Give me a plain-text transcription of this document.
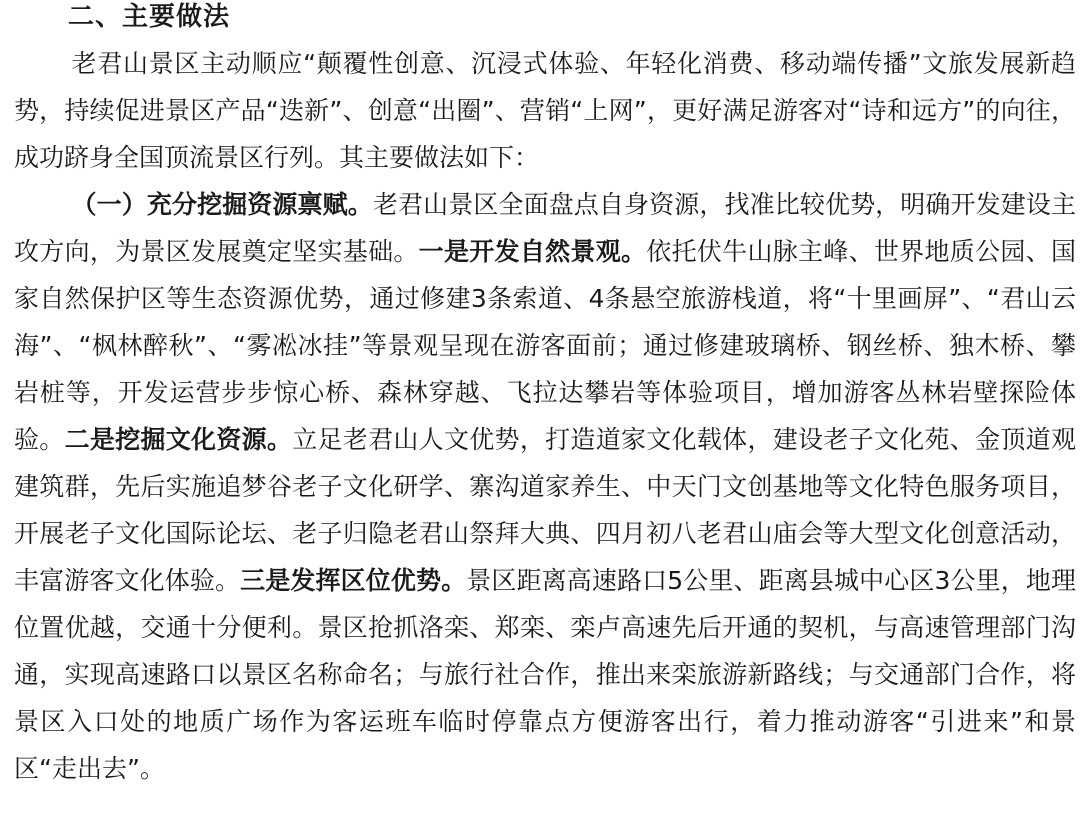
二、主要做法

老君山景区主动顺应“颠覆性创意、沉浸式体验、年轻化消费、移动端传播”文旅发展新趋势，持续促进景区产品“迭新”、创意“出圈”、营销“上网”，更好满足游客对“诗和远方”的向往，成功跻身全国顶流景区行列。其主要做法如下：

（一）充分挖掘资源禀赋。老君山景区全面盘点自身资源，找准比较优势，明确开发建设主攻方向，为景区发展奠定坚实基础。一是开发自然景观。依托伏牛山脉主峰、世界地质公园、国家自然保护区等生态资源优势，通过修建3条索道、4条悬空旅游栈道，将“十里画屏”、“君山云海”、“枫林醉秋”、“雾凇冰挂”等景观呈现在游客面前；通过修建玻璃桥、钢丝桥、独木桥、攀岩桩等，开发运营步步惊心桥、森林穿越、飞拉达攀岩等体验项目，增加游客丛林岩壁探险体验。二是挖掘文化资源。立足老君山人文优势，打造道家文化载体，建设老子文化苑、金顶道观建筑群，先后实施追梦谷老子文化研学、寨沟道家养生、中天门文创基地等文化特色服务项目，开展老子文化国际论坛、老子归隐老君山祭拜大典、四月初八老君山庙会等大型文化创意活动，丰富游客文化体验。三是发挥区位优势。景区距离高速路口5公里、距离县城中心区3公里，地理位置优越，交通十分便利。景区抢抓洛栾、郑栾、栾卢高速先后开通的契机，与高速管理部门沟通，实现高速路口以景区名称命名；与旅行社合作，推出来栾旅游新路线；与交通部门合作，将景区入口处的地质广场作为客运班车临时停靠点方便游客出行，着力推动游客“引进来”和景区“走出去”。
